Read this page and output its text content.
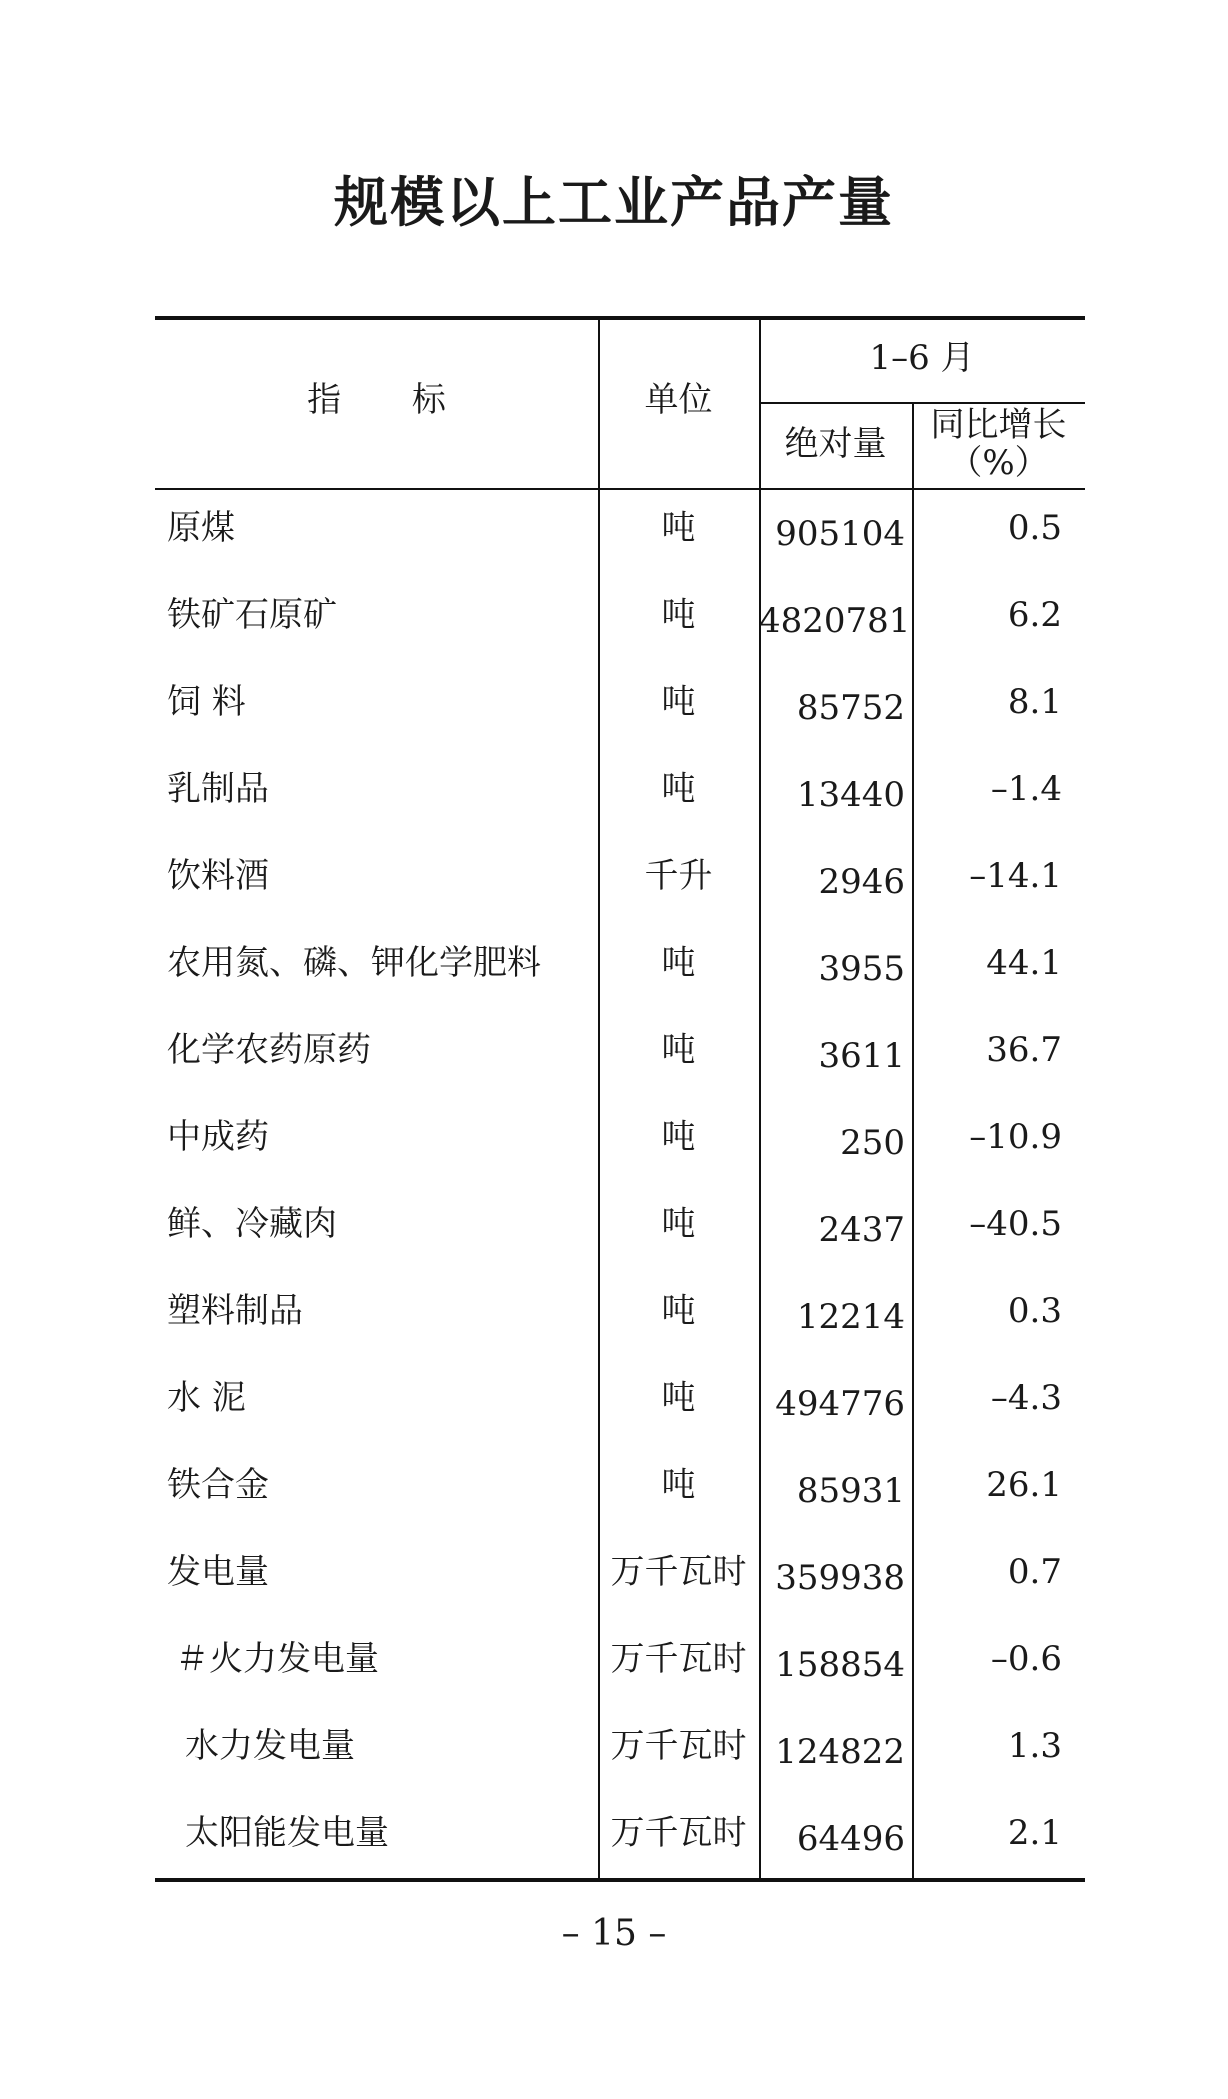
规模以上工业产品产量
指 标	单位
1–6 月
绝对量	同比增长
（%）
原煤	吨	905104	0.5
铁矿石原矿	吨	4820781	6.2
饲 料	吨	85752	8.1
乳制品	吨	13440	–1.4
饮料酒	千升	2946	–14.1
农用氮、磷、钾化学肥料	吨	3955	44.1
化学农药原药	吨	3611	36.7
中成药	吨	250	–10.9
鲜、冷藏肉	吨	2437	–40.5
塑料制品	吨	12214	0.3
水 泥	吨	494776	–4.3
铁合金	吨	85931	26.1
发电量	万千瓦时 359938	0.7
＃火力发电量	万千瓦时 158854	–0.6
水力发电量	万千瓦时 124822	1.3
太阳能发电量	万千瓦时	64496	2.1
– 15 –
